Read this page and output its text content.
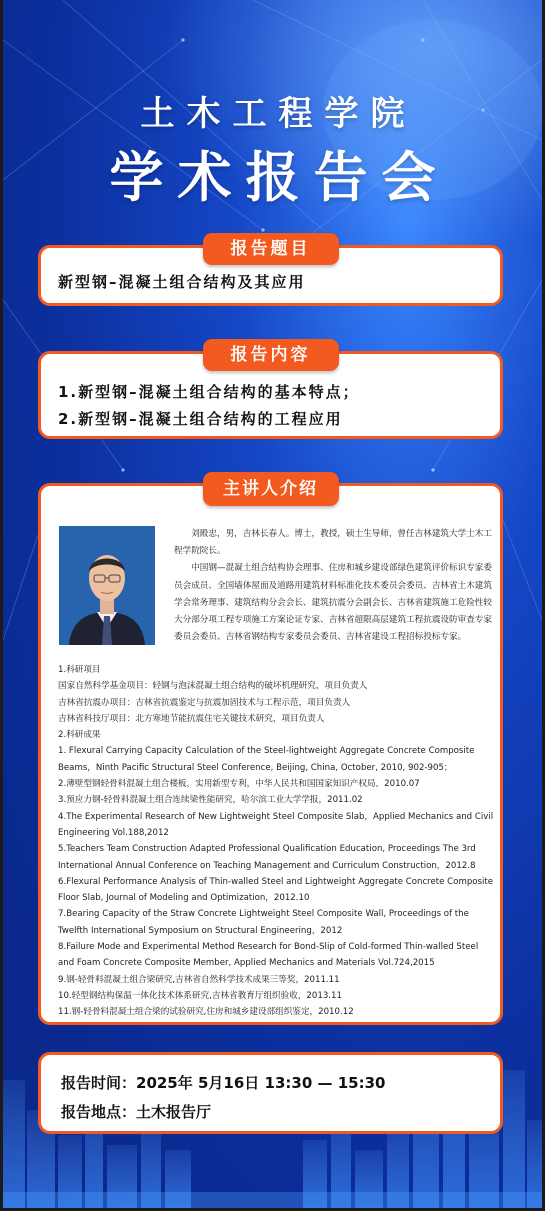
土木工程学院
学术报告会
报告题目

新型钢–混凝土组合结构及其应用

报告内容

1.新型钢–混凝土组合结构的基本特点；

2.新型钢–混凝土组合结构的工程应用

主讲人介绍

刘殿忠，男，吉林长春人。博士，教授，硕士生导师，曾任吉林建筑大学土木工程学院院长。

中国钢—混凝土组合结构协会理事、住房和城乡建设部绿色建筑评价标识专家委员会成员、全国墙体屋面及道路用建筑材料标准化技术委员会委员、吉林省土木建筑学会常务理事、建筑结构分会会长、建筑抗震分会副会长、吉林省建筑施工危险性较大分部分项工程专项施工方案论证专家、吉林省超限高层建筑工程抗震设防审查专家委员会委员、吉林省钢结构专家委员会委员、吉林省建设工程招标投标专家。

1.科研项目
国家自然科学基金项目：轻钢与泡沫混凝土组合结构的破坏机理研究，项目负责人
吉林省抗震办项目：吉林省抗震鉴定与抗震加固技术与工程示范，项目负责人
吉林省科技厅项目：北方寒地节能抗震住宅关键技术研究，项目负责人
2.科研成果
1. Flexural Carrying Capacity Calculation of the Steel-lightweight Aggregate Concrete Composite Beams，Ninth Pacific Structural Steel Conference, Beijing, China, October, 2010, 902-905；
2.薄壁型钢轻骨料混凝土组合楼板，实用新型专利，中华人民共和国国家知识产权局，2010.07
3.预应力钢-轻骨料混凝土组合连续梁性能研究，哈尔滨工业大学学报，2011.02
4.The Experimental Research of New Lightweight Steel Composite Slab，Applied Mechanics and Civil Engineering Vol.188,2012
5.Teachers Team Construction Adapted Professional Qualification Education, Proceedings The 3rd International Annual Conference on Teaching Management and Curriculum Construction，2012.8
6.Flexural Performance Analysis of Thin-walled Steel and Lightweight Aggregate Concrete Composite Floor Slab, Journal of Modeling and Optimization，2012.10
7.Bearing Capacity of the Straw Concrete Lightweight Steel Composite Wall, Proceedings of the Twelfth International Symposium on Structural Engineering，2012
8.Failure Mode and Experimental Method Research for Bond-Slip of Cold-formed Thin-walled Steel and Foam Concrete Composite Member, Applied Mechanics and Materials Vol.724,2015
9.钢-轻骨料混凝土组合梁研究,吉林省自然科学技术成果三等奖，2011.11
10.轻型钢结构保温一体化技术体系研究,吉林省教育厅组织验收，2013.11
11.钢-轻骨料混凝土组合梁的试验研究,住房和城乡建设部组织鉴定，2010.12

报告时间：2025年 5月16日 13:30 — 15:30

报告地点：土木报告厅
